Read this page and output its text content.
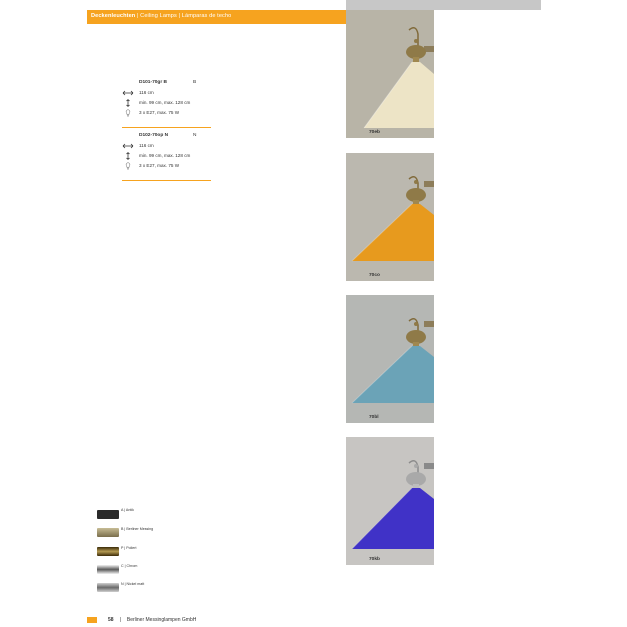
Deckenleuchten | Ceiling Lamps | Lámparas de techo
D101-70gr B	B
116 cm
min. 99 cm, max. 128 cm
3 x E27, max. 75 W
D102-70op N	N
116 cm
min. 99 cm, max. 128 cm
3 x E27, max. 75 W
70eb
70co
70bl
70kb
A | Antik
B | Berliner Messing
P | Poliert
C | Chrom
N | Nickel matt
58 | Berliner Messinglampen GmbH
